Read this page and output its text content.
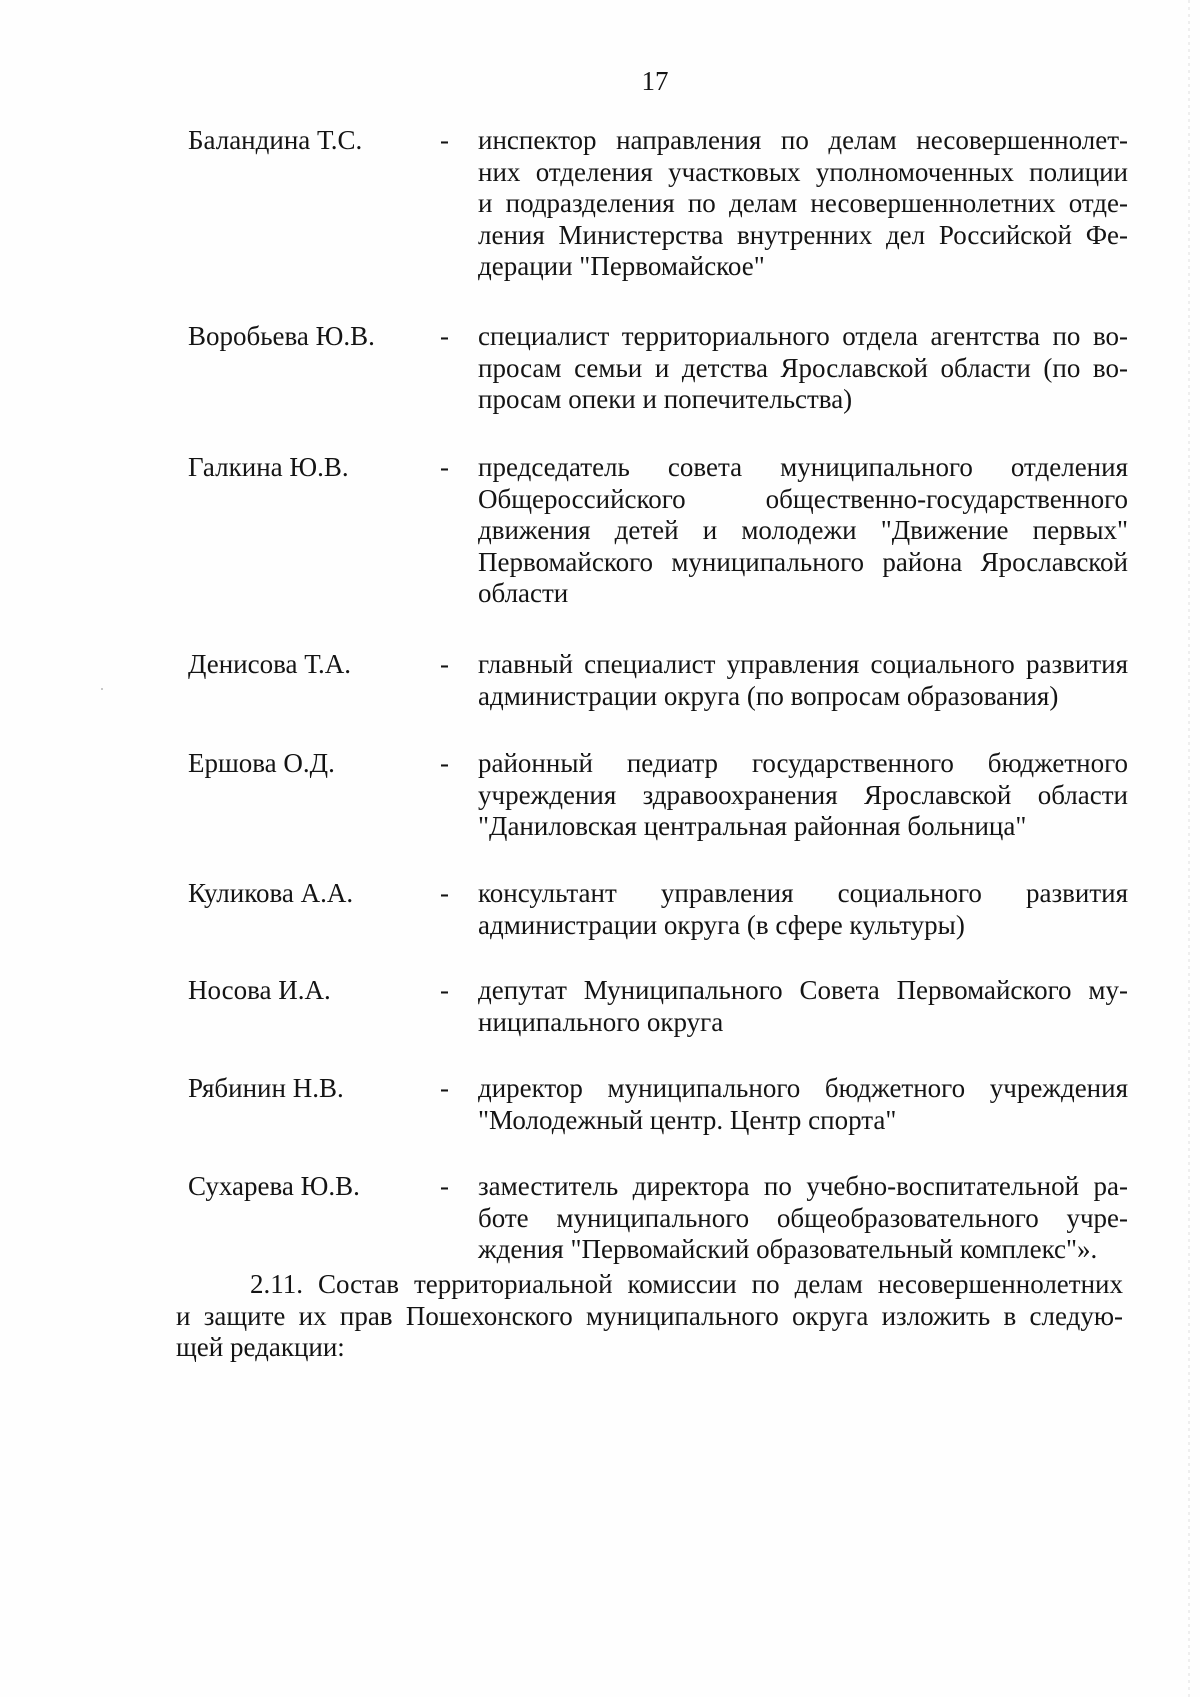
17
Баландина Т.С.	- инспектор направления по делам несовершеннолет-
них отделения участковых уполномоченных полиции
и подразделения по делам несовершеннолетних отде-
ления Министерства внутренних дел Российской Фе-
дерации "Первомайское"
Воробьева Ю.В. - специалист территориального отдела агентства по во-
просам семьи и детства Ярославской области (по во-
просам опеки и попечительства)
Галкина Ю.В.	- председатель совета муниципального отделения
Общероссийского общественно-государственного
движения детей и молодежи "Движение первых"
Первомайского муниципального района Ярославской
области
Денисова Т.А.	- главный специалист управления социального развития
администрации округа (по вопросам образования)
Ершова О.Д.	- районный педиатр государственного бюджетного
учреждения здравоохранения Ярославской области
"Даниловская центральная районная больница"
Куликова А.А.	- консультант управления социального развития
администрации округа (в сфере культуры)
Носова И.А.	- депутат Муниципального Совета Первомайского му-
ниципального округа
Рябинин Н.В.	- директор муниципального бюджетного учреждения
"Молодежный центр. Центр спорта"
Сухарева Ю.В.	- заместитель директора по учебно-воспитательной ра-
боте муниципального общеобразовательного учре-
ждения "Первомайский образовательный комплекс"».
2.11. Состав территориальной комиссии по делам несовершеннолетних
и защите их прав Пошехонского муниципального округа изложить в следую-
щей редакции:
